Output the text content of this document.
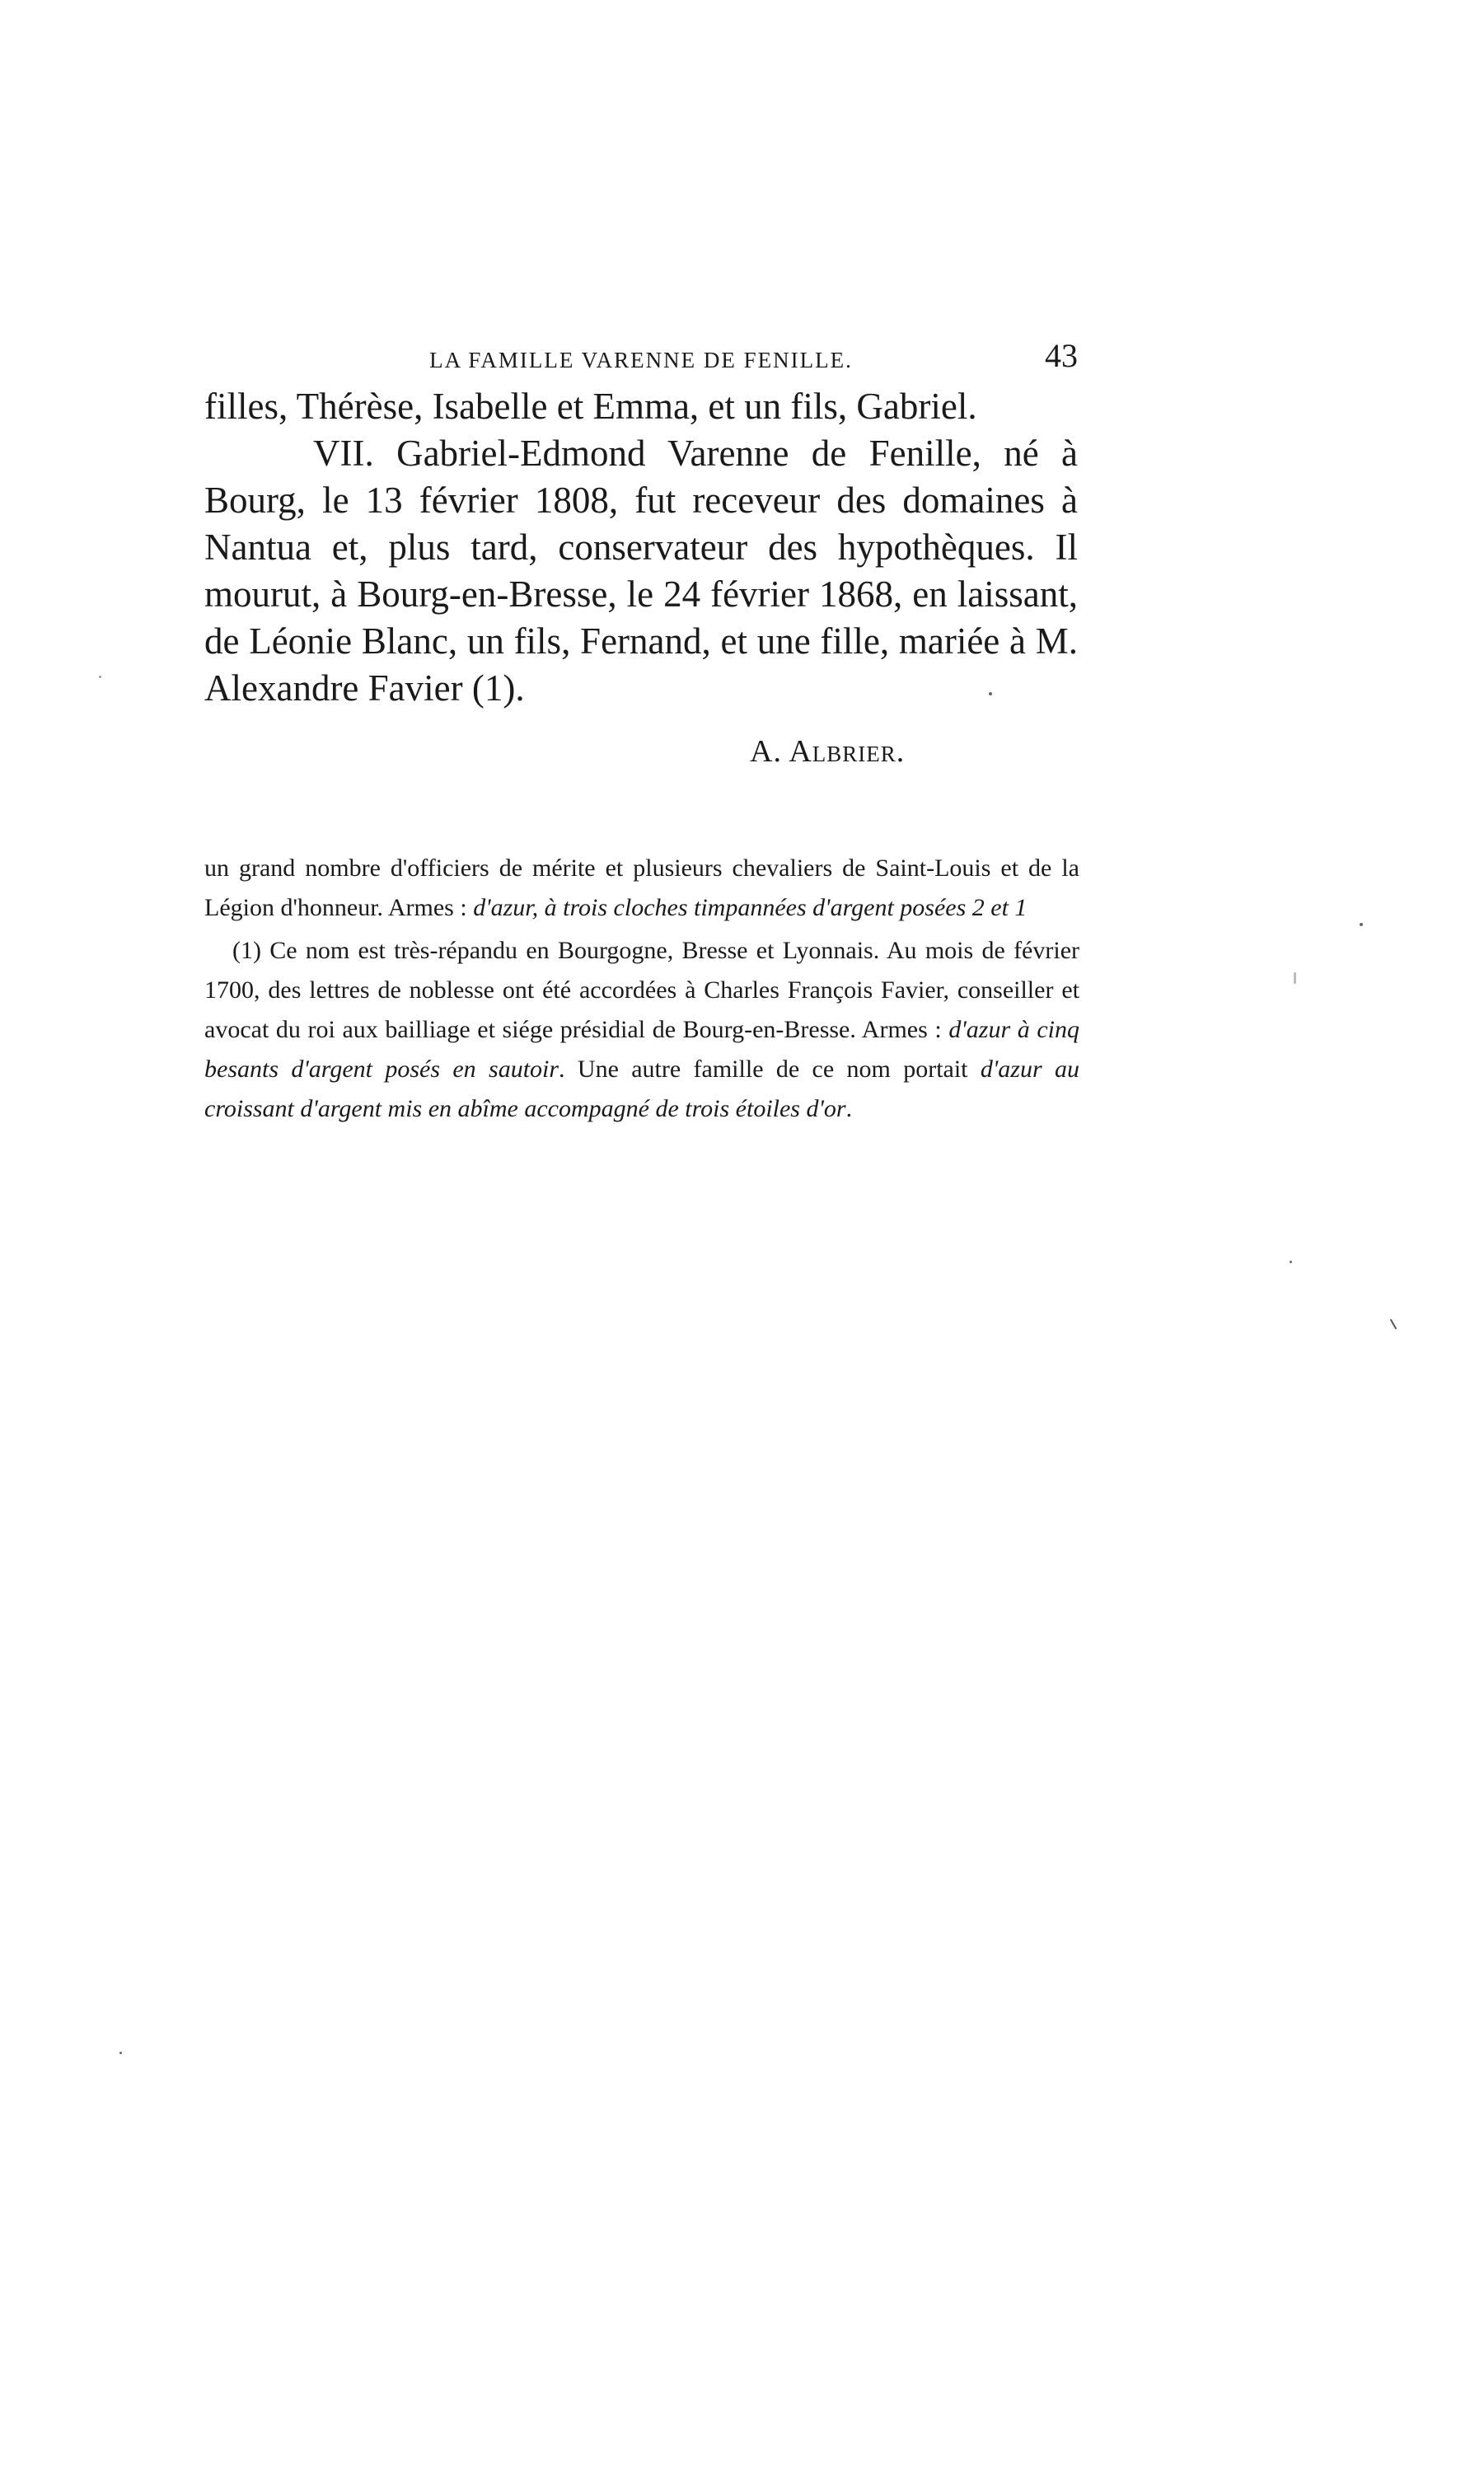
LA FAMILLE VARENNE DE FENILLE.	43

filles, Thérèse, Isabelle et Emma, et un fils, Gabriel.

VII. Gabriel-Edmond Varenne de Fenille, né à Bourg, le 13 février 1808, fut receveur des domaines à Nantua et, plus tard, conservateur des hypothèques. Il mourut, à Bourg-en-Bresse, le 24 février 1868, en laissant, de Léonie Blanc, un fils, Fernand, et une fille, mariée à M. Alexandre Favier (1).

A. Albrier.

un grand nombre d'officiers de mérite et plusieurs chevaliers de Saint-Louis et de la Légion d'honneur. Armes : d'azur, à trois cloches timpannées d'argent posées 2 et 1

(1) Ce nom est très-répandu en Bourgogne, Bresse et Lyonnais. Au mois de février 1700, des lettres de noblesse ont été accordées à Charles François Favier, conseiller et avocat du roi aux bailliage et siége présidial de Bourg-en-Bresse. Armes : d'azur à cinq besants d'argent posés en sautoir. Une autre famille de ce nom portait d'azur au croissant d'argent mis en abîme accompagné de trois étoiles d'or.
